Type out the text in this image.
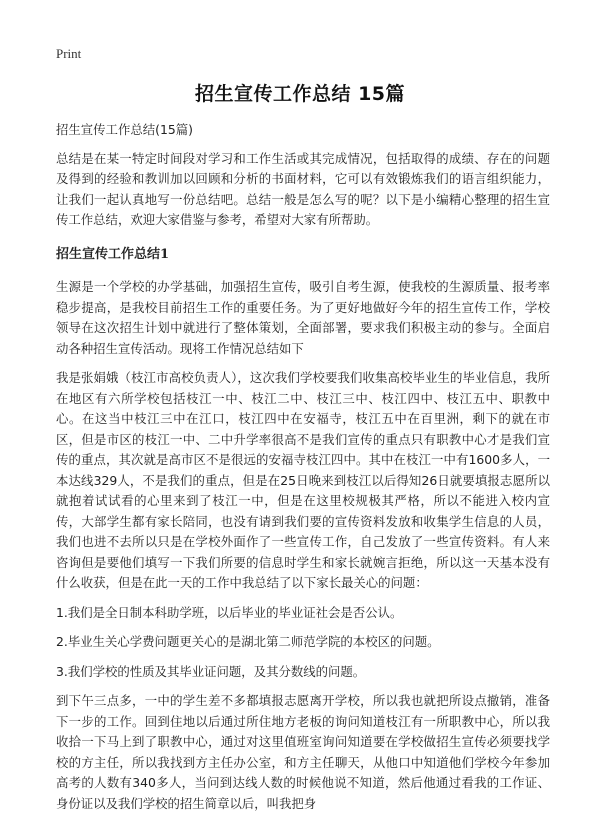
Print
招生宣传工作总结 15篇

招生宣传工作总结(15篇)

总结是在某一特定时间段对学习和工作生活或其完成情况，包括取得的成绩、存在的问题及得到的经验和教训加以回顾和分析的书面材料，它可以有效锻炼我们的语言组织能力，让我们一起认真地写一份总结吧。总结一般是怎么写的呢？以下是小编精心整理的招生宣传工作总结，欢迎大家借鉴与参考，希望对大家有所帮助。

招生宣传工作总结1

生源是一个学校的办学基础，加强招生宣传，吸引自考生源，使我校的生源质量、报考率稳步提高，是我校目前招生工作的重要任务。为了更好地做好今年的招生宣传工作，学校领导在这次招生计划中就进行了整体策划，全面部署，要求我们积极主动的参与。全面启动各种招生宣传活动。现将工作情况总结如下

我是张娟娥（枝江市高校负责人），这次我们学校要我们收集高校毕业生的毕业信息，我所在地区有六所学校包括枝江一中、枝江二中、枝江三中、枝江四中、枝江五中、职教中心。在这当中枝江三中在江口，枝江四中在安福寺，枝江五中在百里洲，剩下的就在市区，但是市区的枝江一中、二中升学率很高不是我们宣传的重点只有职教中心才是我们宣传的重点，其次就是高市区不是很远的安福寺枝江四中。其中在枝江一中有1600多人，一本达线329人，不是我们的重点，但是在25日晚来到枝江以后得知26日就要填报志愿所以就抱着试试看的心里来到了枝江一中，但是在这里校规极其严格，所以不能进入校内宣传，大部学生都有家长陪同，也没有请到我们要的宣传资料发放和收集学生信息的人员，我们也进不去所以只是在学校外面作了一些宣传工作，自己发放了一些宣传资料。有人来咨询但是要他们填写一下我们所要的信息时学生和家长就婉言拒绝，所以这一天基本没有什么收获，但是在此一天的工作中我总结了以下家长最关心的问题：

1.我们是全日制本科助学班，以后毕业的毕业证社会是否公认。

2.毕业生关心学费问题更关心的是湖北第二师范学院的本校区的问题。

3.我们学校的性质及其毕业证问题，及其分数线的问题。

到下午三点多，一中的学生差不多都填报志愿离开学校，所以我也就把所设点撤销，准备下一步的工作。回到住地以后通过所住地方老板的询问知道枝江有一所职教中心，所以我收拾一下马上到了职教中心，通过对这里值班室询问知道要在学校做招生宣传必须要找学校的方主任，所以我找到方主任办公室，和方主任聊天，从他口中知道他们学校今年参加高考的人数有340多人，当问到达线人数的时候他说不知道，然后他通过看我的工作证、身份证以及我们学校的招生简章以后，叫我把身
